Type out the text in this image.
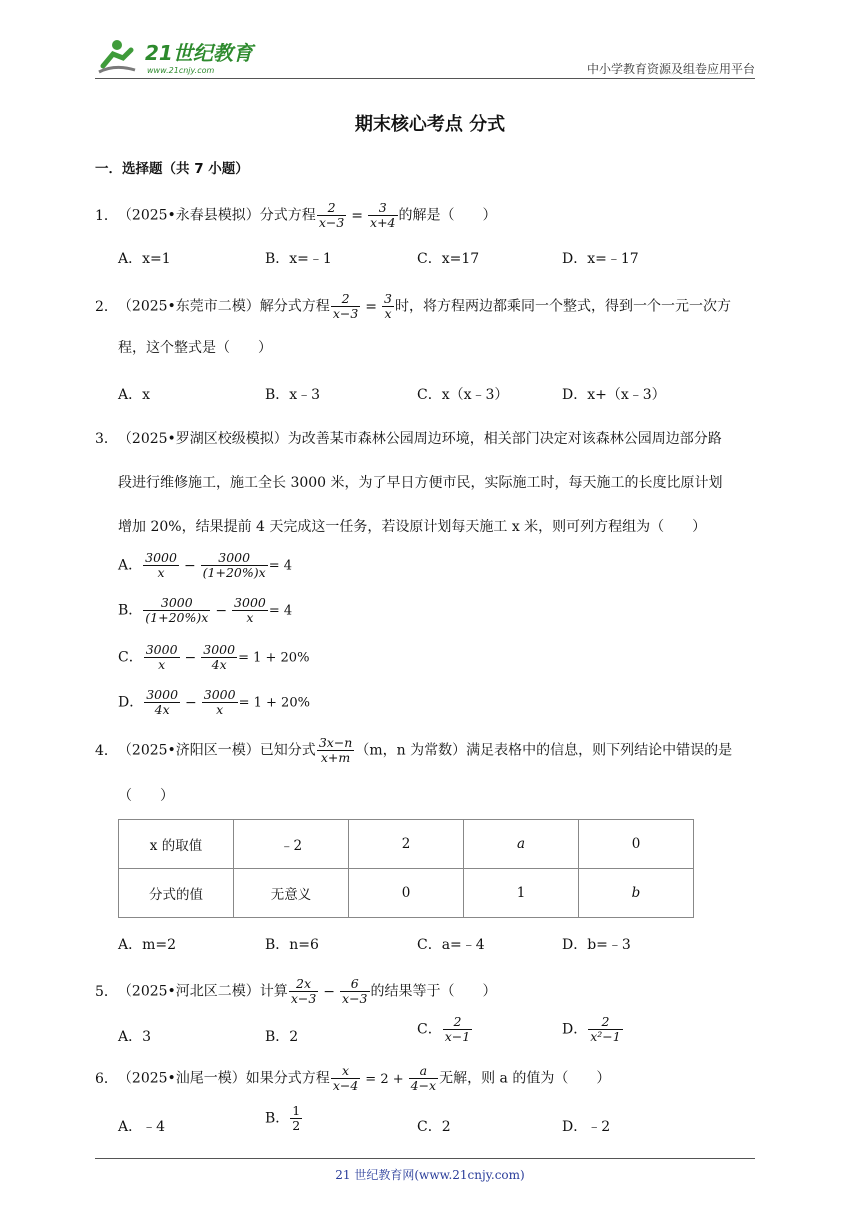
21世纪教育
www.21cnjy.com	中小学教育资源及组卷应用平台
期末核心考点 分式
一．选择题（共 7 小题）
1．（2025•永春县模拟）分式方程 $\frac{2}{x-3} = \frac{3}{x+4}$ 的解是（　　）
A．x=1	B．x=﹣1	C．x=17	D．x=﹣17
2．（2025•东莞市二模）解分式方程 $\frac{2}{x-3} = \frac{3}{x}$ 时，将方程两边都乘同一个整式，得到一个一元一次方
程，这个整式是（　　）
A．x	B．x﹣3	C．x（x﹣3）	D．x+（x﹣3）
3．（2025•罗湖区校级模拟）为改善某市森林公园周边环境，相关部门决定对该森林公园周边部分路
段进行维修施工，施工全长 3000 米，为了早日方便市民，实际施工时，每天施工的长度比原计划
增加 20%，结果提前 4 天完成这一任务，若设原计划每天施工 x 米，则可列方程组为（　　）
A． $\frac{3000}{x} - \frac{3000}{(1+20\%)x} = 4$
B． $\frac{3000}{(1+20\%)x} - \frac{3000}{x} = 4$
C． $\frac{3000}{x} - \frac{3000}{4x} = 1 + 20\%$
D． $\frac{3000}{4x} - \frac{3000}{x} = 1 + 20\%$
4．（2025•济阳区一模）已知分式 $\frac{3x-n}{x+m} (m$，n 为常数）满足表格中的信息，则下列结论中错误的是
（　　）
x 的取值	﹣2	2	a	0
分式的值	无意义	0	1	b
A．m=2	B．n=6	C．a=﹣4	D．b=﹣3
5．（2025•河北区二模）计算 $\frac{2x}{x-3} - \frac{6}{x-3}$ 的结果等于（　　）
A．3	B．2	C． $\frac{2}{x-1}$	D． $\frac{2}{\text{x²−1}}$
6．（2025•汕尾一模）如果分式方程 $\frac{x}{x-4} = 2 + \frac{a}{4-x}$ 无解，则 a 的值为（　　）
A．﹣4
B． $\frac{1}{2}$	C．2	D．﹣2
21 世纪教育网(www.21cnjy.com)
